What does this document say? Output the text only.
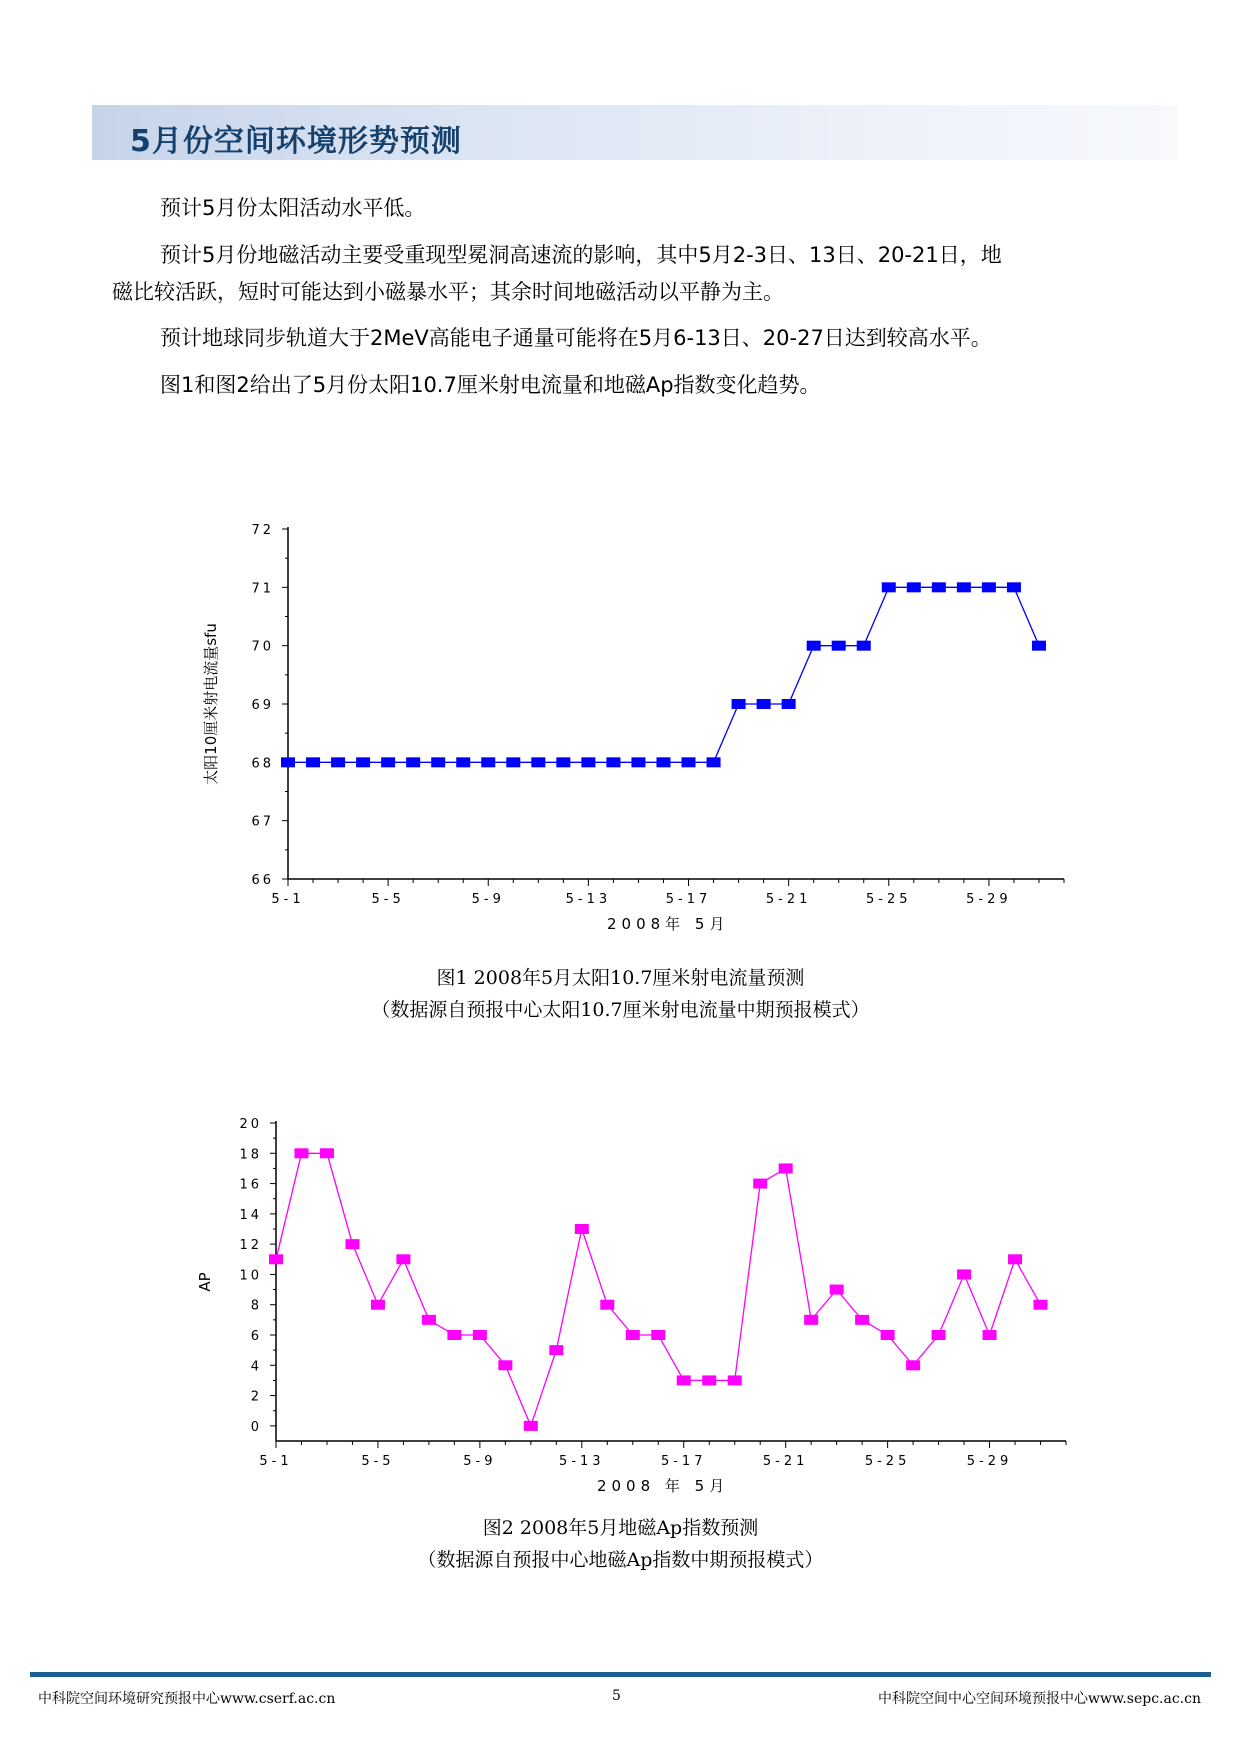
5月份空间环境形势预测
预计5月份太阳活动水平低。
预计5月份地磁活动主要受重现型冕洞高速流的影响，其中5月2-3日、13日、20-21日，地
磁比较活跃，短时可能达到小磁暴水平；其余时间地磁活动以平静为主。
预计地球同步轨道大于2MeV高能电子通量可能将在5月6-13日、20-27日达到较高水平。
图1和图2给出了5月份太阳10.7厘米射电流量和地磁Ap指数变化趋势。
66
67
68
69
70
71
72
5-1	5-5	5-9	5-13	5-17	5-21	5-25	5-29
2008年 5月
太阳10厘米射电流量sfu
图1 2008年5月太阳10.7厘米射电流量预测
（数据源自预报中心太阳10.7厘米射电流量中期预报模式）
0
2
4
6
8
10
12
14
16
18
20
5-1	5-5	5-9	5-13	5-17	5-21	5-25	5-29
2008 年 5月
AP
图2 2008年5月地磁Ap指数预测
（数据源自预报中心地磁Ap指数中期预报模式）
中科院空间环境研究预报中心www.cserf.ac.cn	5	中科院空间中心空间环境预报中心www.sepc.ac.cn
